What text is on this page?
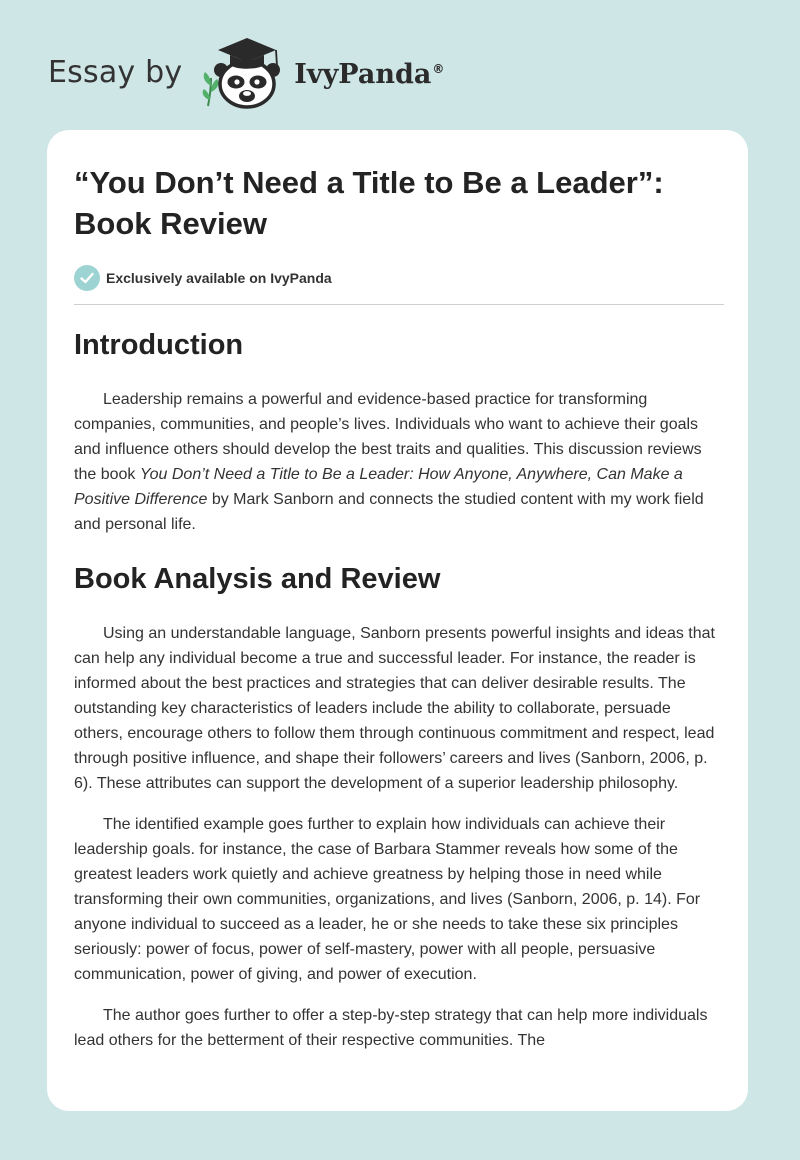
Essay by	IvyPanda®
“You Don’t Need a Title to Be a Leader”:
Book Review
Exclusively available on IvyPanda
Introduction

Leadership remains a powerful and evidence-based practice for transforming companies, communities, and people’s lives. Individuals who want to achieve their goals and influence others should develop the best traits and qualities. This discussion reviews the book You Don’t Need a Title to Be a Leader: How Anyone, Anywhere, Can Make a Positive Difference by Mark Sanborn and connects the studied content with my work field and personal life.

Book Analysis and Review

Using an understandable language, Sanborn presents powerful insights and ideas that can help any individual become a true and successful leader. For instance, the reader is informed about the best practices and strategies that can deliver desirable results. The outstanding key characteristics of leaders include the ability to collaborate, persuade others, encourage others to follow them through continuous commitment and respect, lead through positive influence, and shape their followers’ careers and lives (Sanborn, 2006, p. 6). These attributes can support the development of a superior leadership philosophy.

The identified example goes further to explain how individuals can achieve their leadership goals. for instance, the case of Barbara Stammer reveals how some of the greatest leaders work quietly and achieve greatness by helping those in need while transforming their own communities, organizations, and lives (Sanborn, 2006, p. 14). For anyone individual to succeed as a leader, he or she needs to take these six principles seriously: power of focus, power of self-mastery, power with all people, persuasive communication, power of giving, and power of execution.

The author goes further to offer a step-by-step strategy that can help more individuals lead others for the betterment of their respective communities. The
